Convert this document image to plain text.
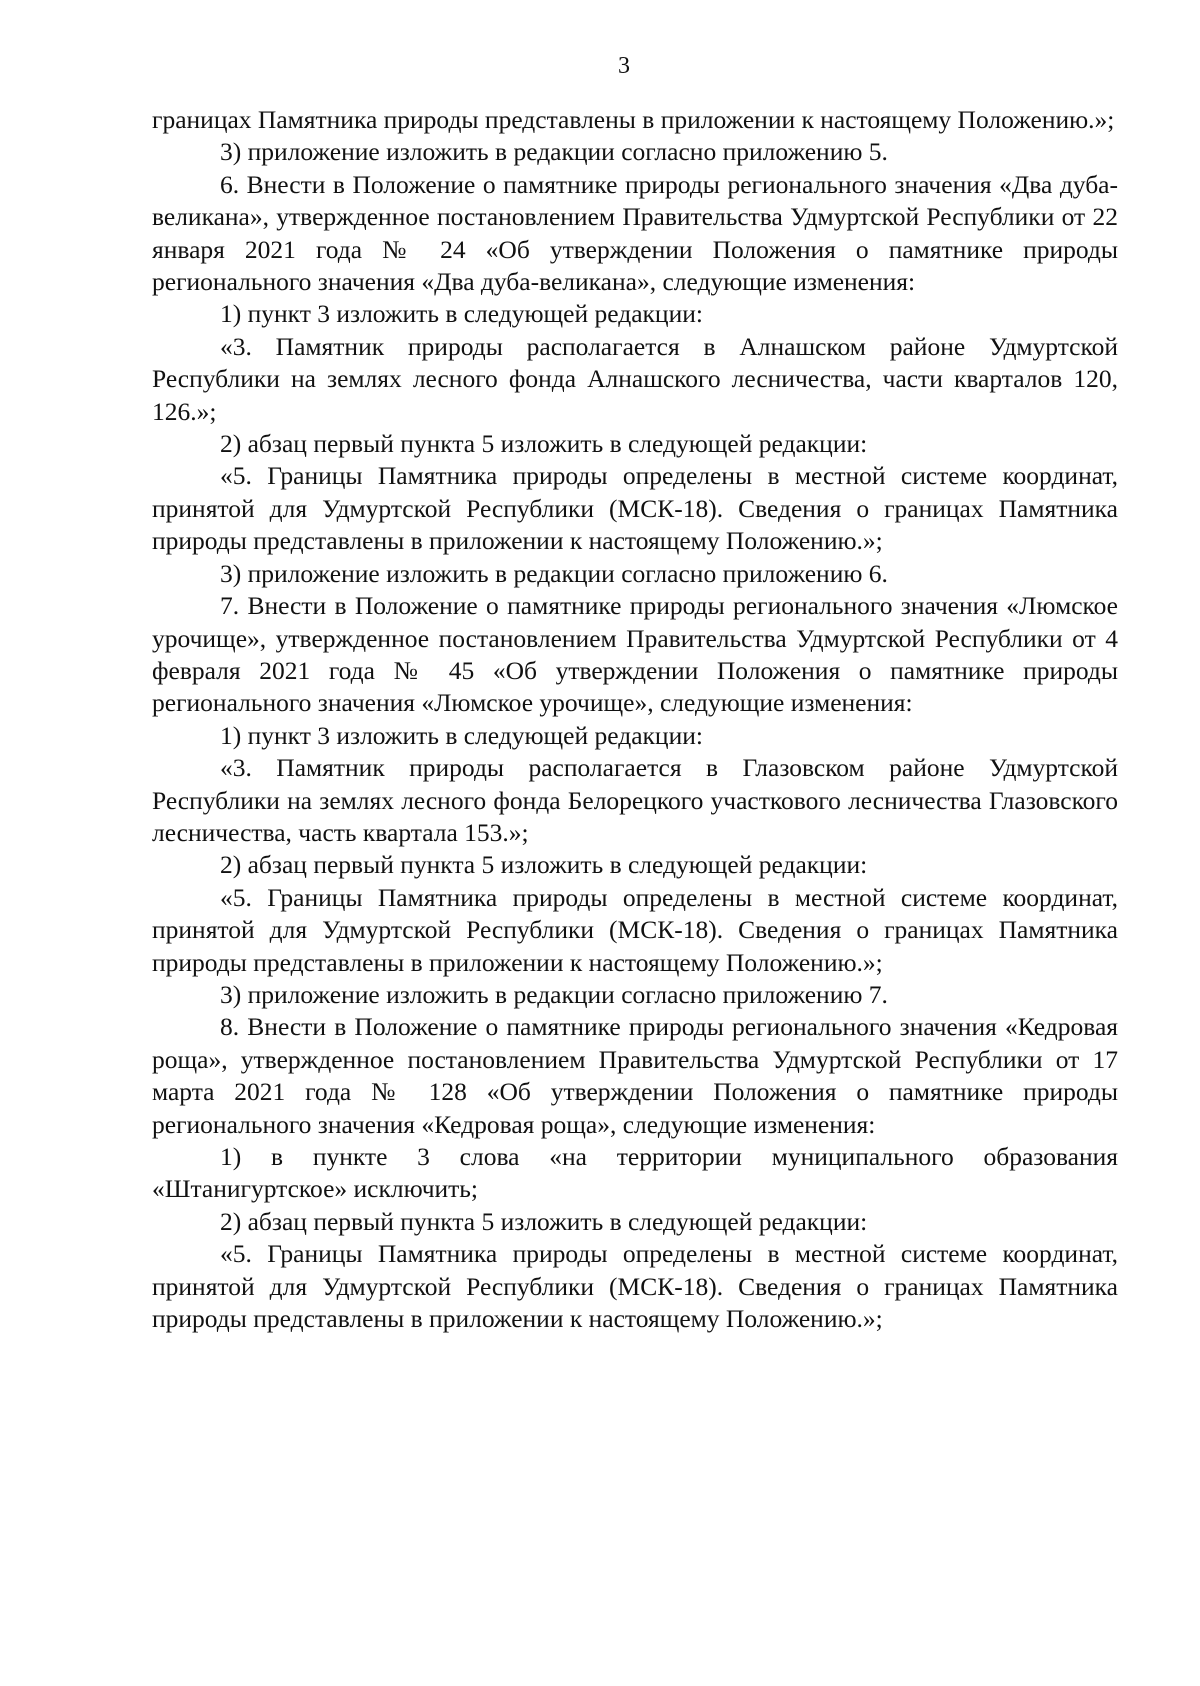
3

границах Памятника природы представлены в приложении к настоящему Положению.»;

3) приложение изложить в редакции согласно приложению 5.

6. Внести в Положение о памятнике природы регионального значения «Два дуба-великана», утвержденное постановлением Правительства Удмуртской Республики от 22 января 2021 года № 24 «Об утверждении Положения о памятнике природы регионального значения «Два дуба-великана», следующие изменения:

1) пункт 3 изложить в следующей редакции:

«3. Памятник природы располагается в Алнашском районе Удмуртской Республики на землях лесного фонда Алнашского лесничества, части кварталов 120, 126.»;

2) абзац первый пункта 5 изложить в следующей редакции:

«5. Границы Памятника природы определены в местной системе координат, принятой для Удмуртской Республики (МСК-18). Сведения о границах Памятника природы представлены в приложении к настоящему Положению.»;

3) приложение изложить в редакции согласно приложению 6.

7. Внести в Положение о памятнике природы регионального значения «Люмское урочище», утвержденное постановлением Правительства Удмуртской Республики от 4 февраля 2021 года № 45 «Об утверждении Положения о памятнике природы регионального значения «Люмское урочище», следующие изменения:

1) пункт 3 изложить в следующей редакции:

«3. Памятник природы располагается в Глазовском районе Удмуртской Республики на землях лесного фонда Белорецкого участкового лесничества Глазовского лесничества, часть квартала 153.»;

2) абзац первый пункта 5 изложить в следующей редакции:

«5. Границы Памятника природы определены в местной системе координат, принятой для Удмуртской Республики (МСК-18). Сведения о границах Памятника природы представлены в приложении к настоящему Положению.»;

3) приложение изложить в редакции согласно приложению 7.

8. Внести в Положение о памятнике природы регионального значения «Кедровая роща», утвержденное постановлением Правительства Удмуртской Республики от 17 марта 2021 года № 128 «Об утверждении Положения о памятнике природы регионального значения «Кедровая роща», следующие изменения:

1) в пункте 3 слова «на территории муниципального образования «Штанигуртское» исключить;

2) абзац первый пункта 5 изложить в следующей редакции:

«5. Границы Памятника природы определены в местной системе координат, принятой для Удмуртской Республики (МСК-18). Сведения о границах Памятника природы представлены в приложении к настоящему Положению.»;
